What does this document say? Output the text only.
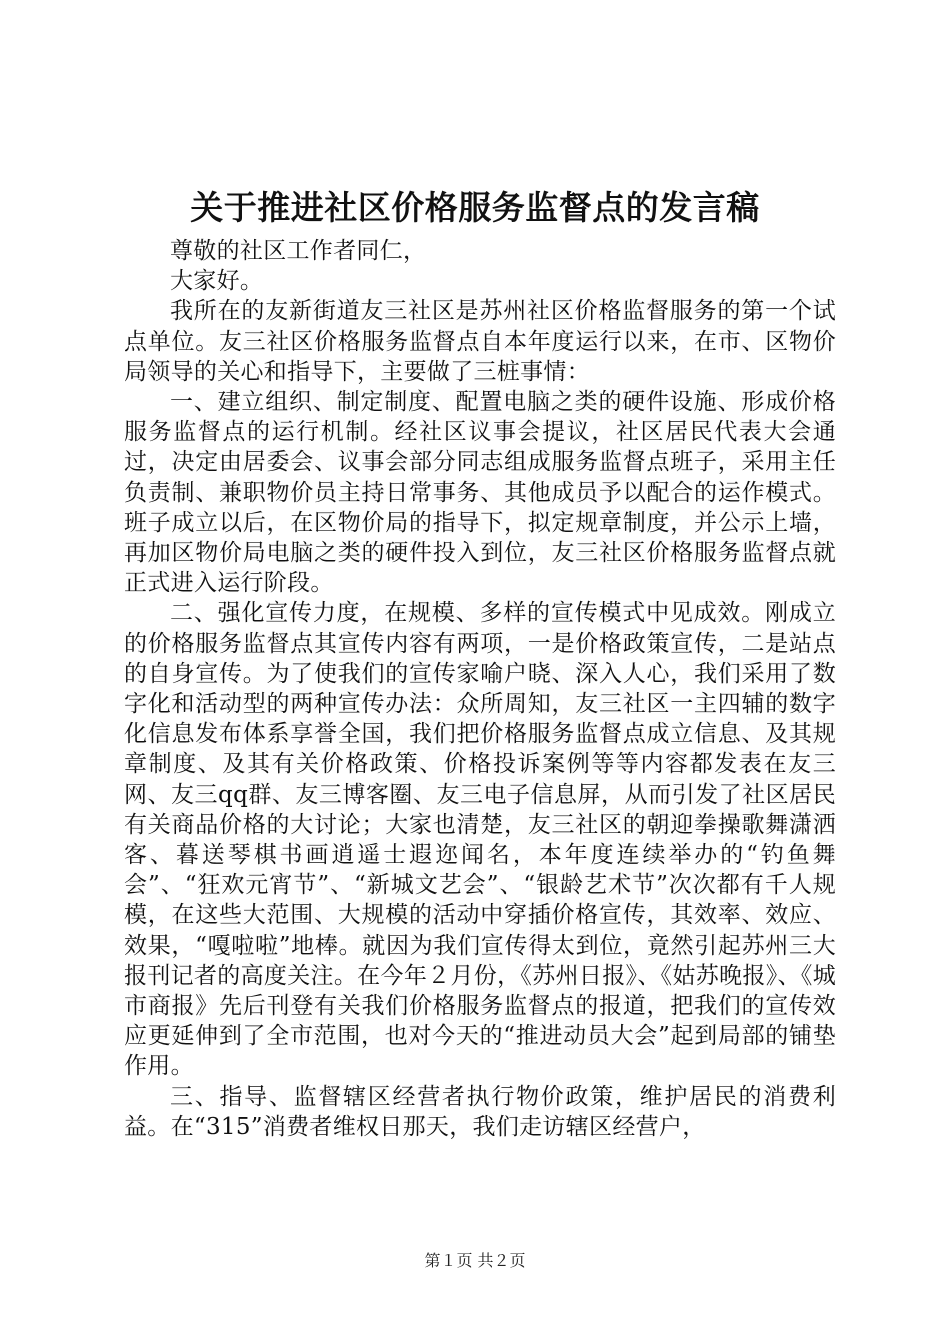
关于推进社区价格服务监督点的发言稿

尊敬的社区工作者同仁，

大家好。

我所在的友新街道友三社区是苏州社区价格监督服务的第一个试点单位。友三社区价格服务监督点自本年度运行以来，在市、区物价局领导的关心和指导下，主要做了三桩事情：

一、建立组织、制定制度、配置电脑之类的硬件设施、形成价格服务监督点的运行机制。经社区议事会提议，社区居民代表大会通过，决定由居委会、议事会部分同志组成服务监督点班子，采用主任负责制、兼职物价员主持日常事务、其他成员予以配合的运作模式。班子成立以后，在区物价局的指导下，拟定规章制度，并公示上墙，再加区物价局电脑之类的硬件投入到位，友三社区价格服务监督点就正式进入运行阶段。

二、强化宣传力度，在规模、多样的宣传模式中见成效。刚成立的价格服务监督点其宣传内容有两项，一是价格政策宣传，二是站点的自身宣传。为了使我们的宣传家喻户晓、深入人心，我们采用了数字化和活动型的两种宣传办法：众所周知，友三社区一主四辅的数字化信息发布体系享誉全国，我们把价格服务监督点成立信息、及其规章制度、及其有关价格政策、价格投诉案例等等内容都发表在友三网、友三qq群、友三博客圈、友三电子信息屏，从而引发了社区居民有关商品价格的大讨论；大家也清楚，友三社区的朝迎拳操歌舞潇洒客、暮送琴棋书画逍遥士遐迩闻名，本年度连续举办的“钓鱼舞会”、“狂欢元宵节”、“新城文艺会”、“银龄艺术节”次次都有千人规模，在这些大范围、大规模的活动中穿插价格宣传，其效率、效应、效果，“嘎啦啦”地棒。就因为我们宣传得太到位，竟然引起苏州三大报刊记者的高度关注。在今年２月份，《苏州日报》、《姑苏晚报》、《城市商报》先后刊登有关我们价格服务监督点的报道，把我们的宣传效应更延伸到了全市范围，也对今天的“推进动员大会”起到局部的铺垫作用。

三、指导、监督辖区经营者执行物价政策，维护居民的消费利益。在“315”消费者维权日那天，我们走访辖区经营户，

第１页 共２页
